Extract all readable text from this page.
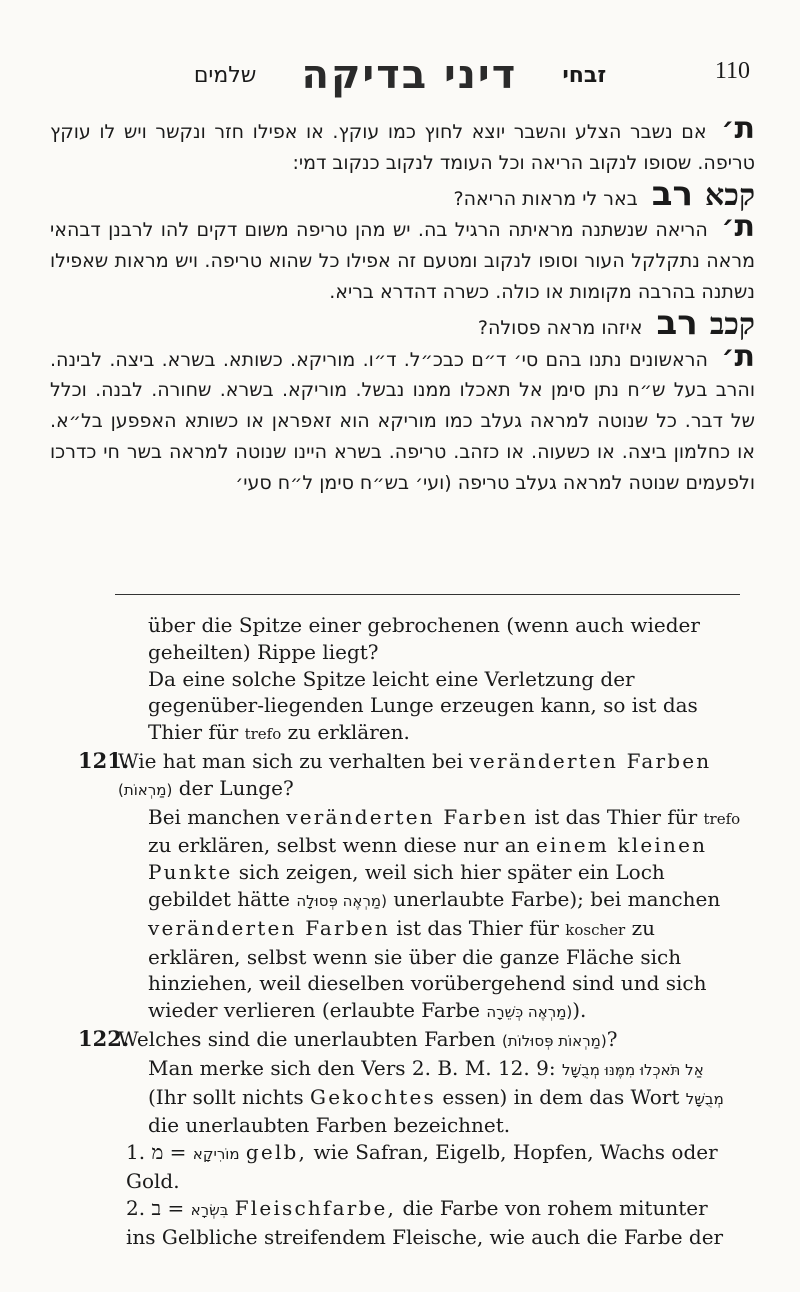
זבחי דיני בדיקה שלמים	110

ת׳ אם נשבר הצלע והשבר יוצא לחוץ כמו עוקץ. או אפילו חזר ונקשר ויש לו עוקץ טריפה. שסופו לנקוב הריאה וכל העומד לנקוב כנקוב דמי:

קכא רב באר לי מראות הריאה?

ת׳ הריאה שנשתנה מראיתה הרגיל בה. יש מהן טריפה משום דקים להו לרבנן דבהאי מראה נתקלקל העור וסופו לנקוב ומטעם זה אפילו כל שהוא טריפה. ויש מראות שאפילו נשתנה בהרבה מקומות או כולה. כשרה דהדרא בריא.

קכב רב איזהו מראה פסולה?

ת׳ הראשונים נתנו בהם סי׳ ד״ם כבכ״ל. ד״ו. מוריקא. כשותא. בשרא. ביצה. לבינה. והרב בעל ש״ח נתן סימן אל תאכלו ממנו נבשל. מוריקא. בשרא. שחורה. לבנה. וכלל של דבר. כל שנוטה למראה געלב כמו מוריקא הוא זאפראן או כשותא האפפען בל״א. או כחלמון ביצה. או כשעוה. או כזהב. טריפה. בשרא היינו שנוטה למראה בשר חי כדרכו ולפעמים שנוטה למראה געלב טריפה (ועי׳ בש״ח סימן ל״ח סעי׳

über die Spitze einer gebrochenen (wenn auch wieder geheilten) Rippe liegt?

Da eine solche Spitze leicht eine Verletzung der gegenüber-liegenden Lunge erzeugen kann, so ist das Thier für trefo zu erklären.

121.
Wie hat man sich zu verhalten bei veränderten Farben (מַרְאוֹת) der Lunge?

Bei manchen veränderten Farben ist das Thier für trefo zu erklären, selbst wenn diese nur an einem kleinen Punkte sich zeigen, weil sich hier später ein Loch gebildet hätte (מַרְאֶה פְּסוּלָה unerlaubte Farbe); bei manchen veränderten Farben ist das Thier für koscher zu erklären, selbst wenn sie über die ganze Fläche sich hinziehen, weil dieselben vorübergehend sind und sich wieder verlieren (erlaubte Farbe (מַרְאֶה כְּשֵׁרָה).

122.
Welches sind die unerlaubten Farben (מַרְאוֹת פְּסוּלוֹת)?

Man merke sich den Vers 2. B. M. 12. 9: אַל תֹּאכְלוּ מִמֶּנּוּ מְבֻשָּׁל (Ihr sollt nichts Gekochtes essen) in dem das Wort מְבֻשָּׁל die unerlaubten Farben bezeichnet.

1. מ = מוֹרִיקָא gelb, wie Safran, Eigelb, Hopfen, Wachs oder Gold.

2. ב = בִּשְׂרָא Fleischfarbe, die Farbe von rohem mitunter ins Gelbliche streifendem Fleische, wie auch die Farbe der
